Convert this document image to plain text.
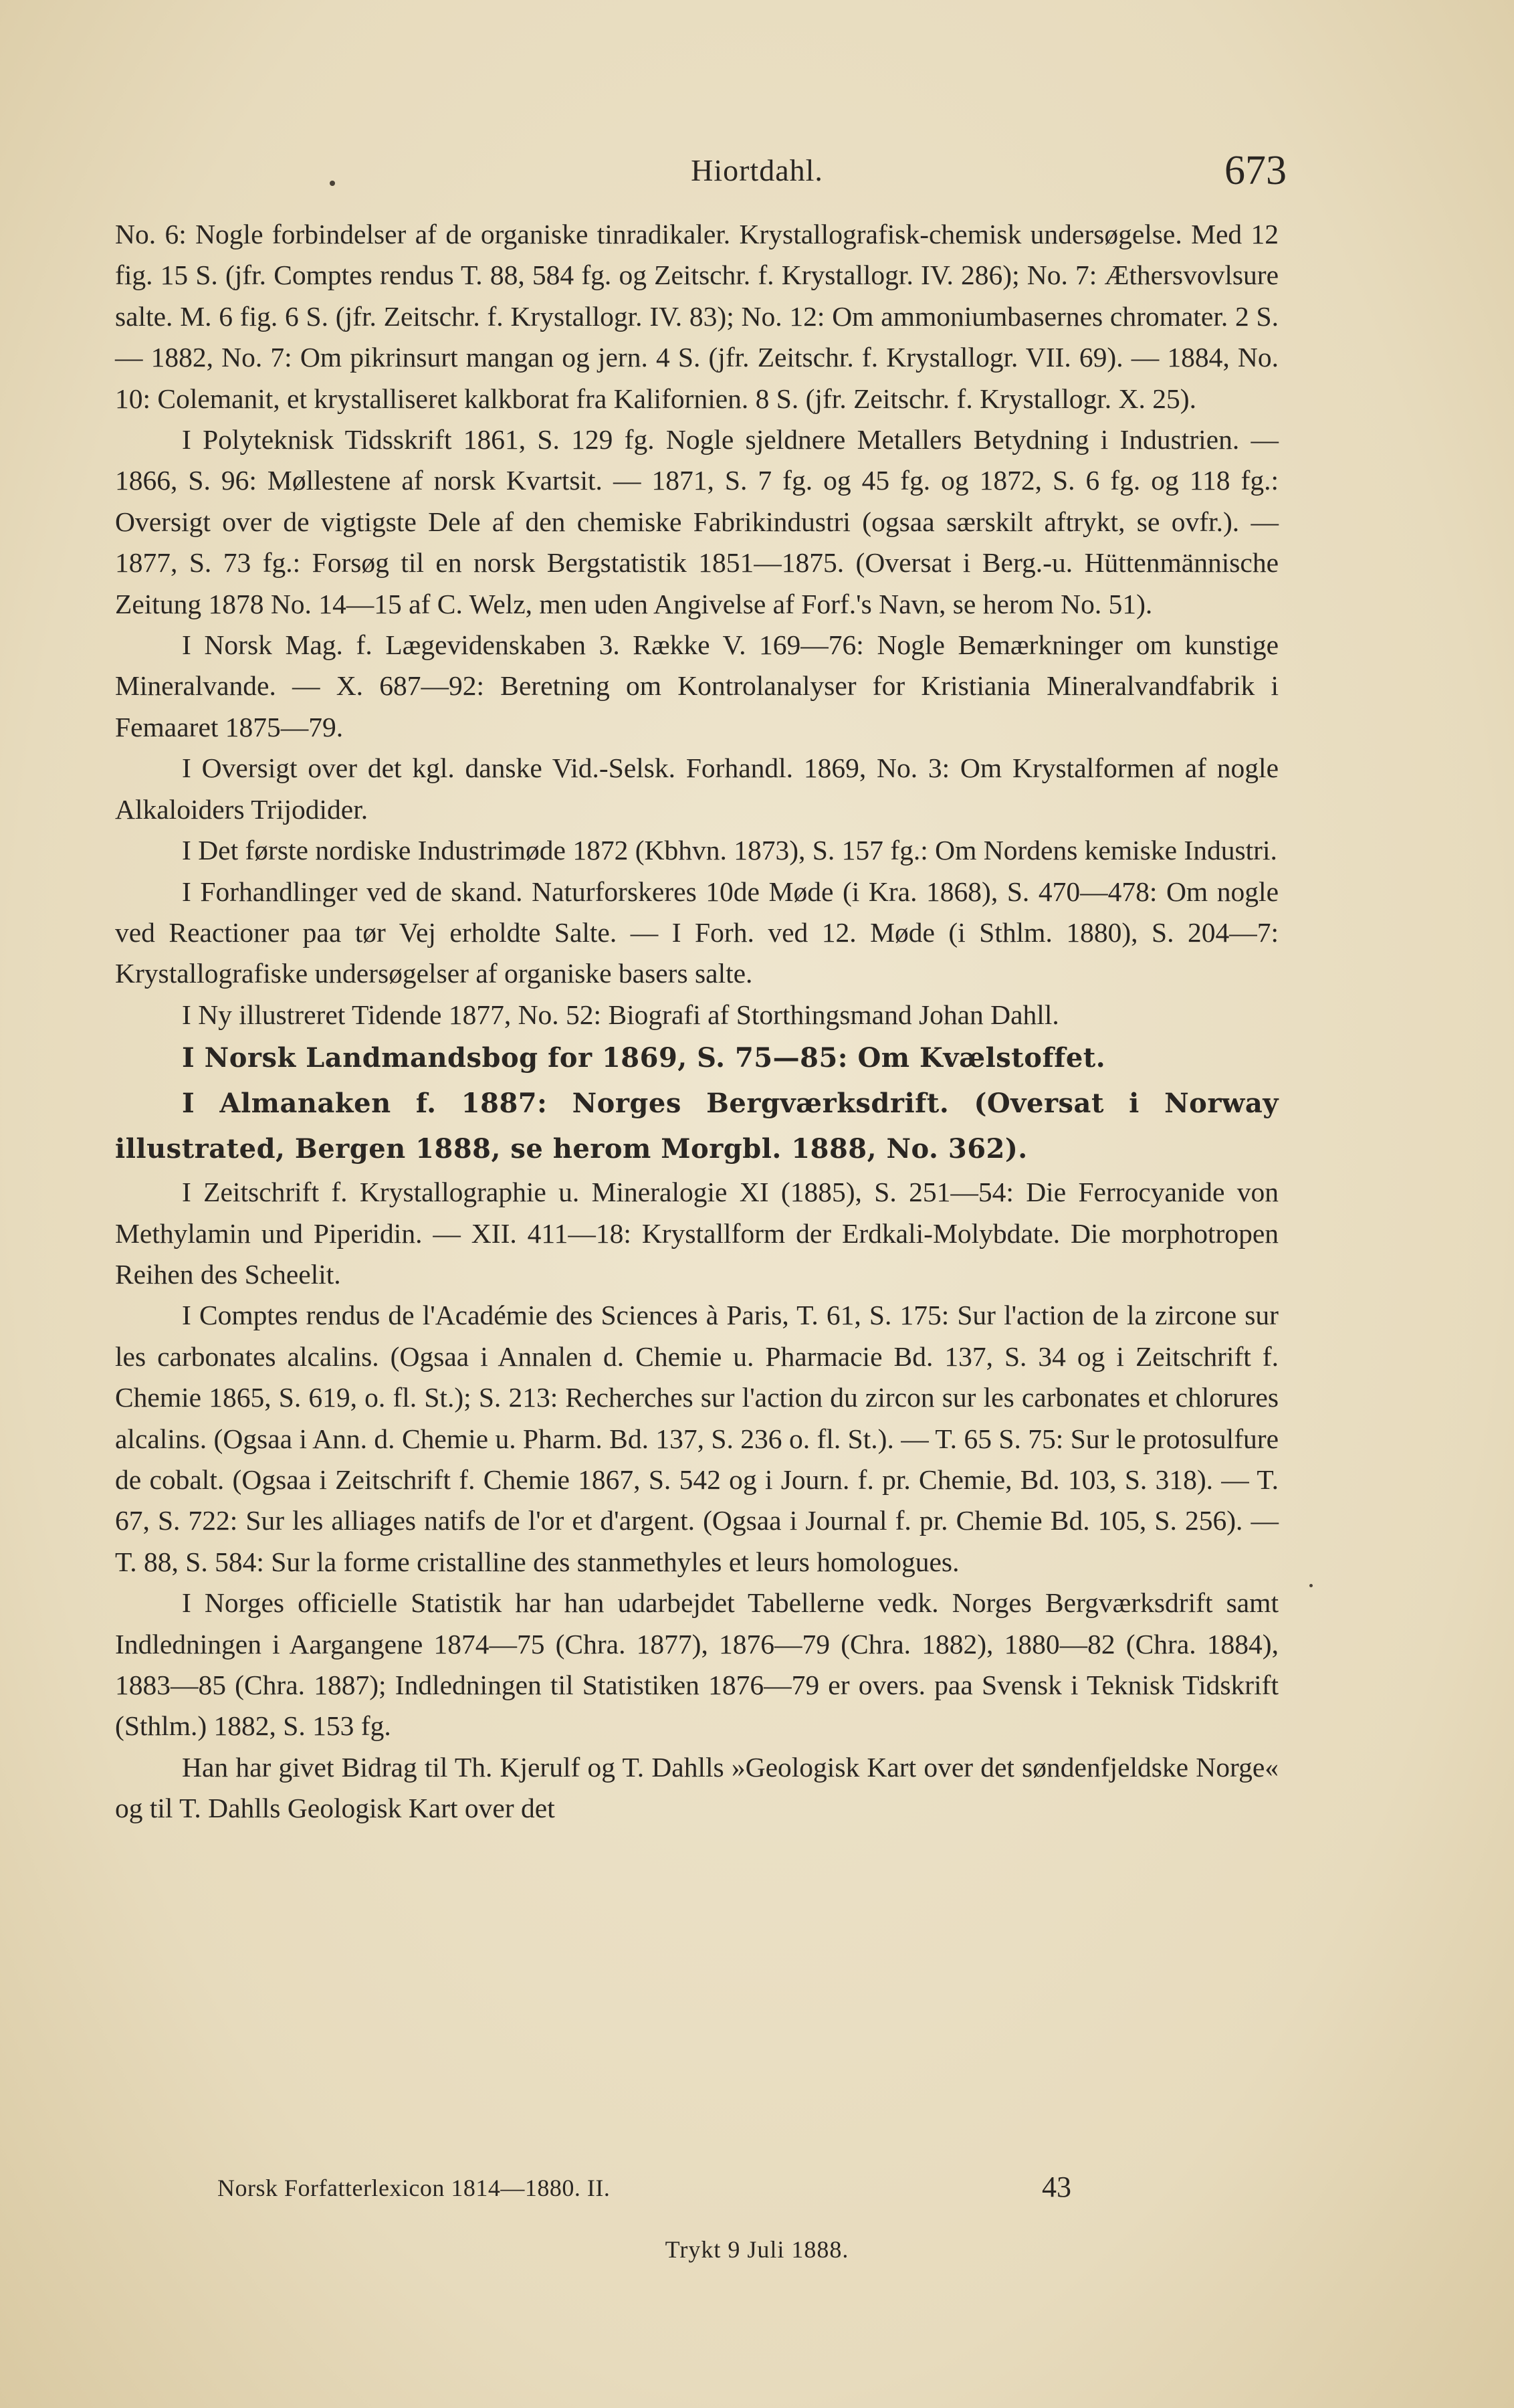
Hiortdahl.	673

No. 6: Nogle forbindelser af de organiske tinradikaler. Krystallografisk-chemisk undersøgelse. Med 12 fig. 15 S. (jfr. Comptes rendus T. 88, 584 fg. og Zeitschr. f. Krystallogr. IV. 286); No. 7: Æthersvovlsure salte. M. 6 fig. 6 S. (jfr. Zeitschr. f. Krystallogr. IV. 83); No. 12: Om ammoniumbasernes chromater. 2 S. — 1882, No. 7: Om pikrinsurt mangan og jern. 4 S. (jfr. Zeitschr. f. Krystallogr. VII. 69). — 1884, No. 10: Colemanit, et krystalliseret kalkborat fra Kalifornien. 8 S. (jfr. Zeitschr. f. Krystallogr. X. 25).

I Polyteknisk Tidsskrift 1861, S. 129 fg. Nogle sjeldnere Metallers Betydning i Industrien. — 1866, S. 96: Møllestene af norsk Kvartsit. — 1871, S. 7 fg. og 45 fg. og 1872, S. 6 fg. og 118 fg.: Oversigt over de vigtigste Dele af den chemiske Fabrikindustri (ogsaa særskilt aftrykt, se ovfr.). — 1877, S. 73 fg.: Forsøg til en norsk Bergstatistik 1851—1875. (Oversat i Berg.-u. Hüttenmännische Zeitung 1878 No. 14—15 af C. Welz, men uden Angivelse af Forf.'s Navn, se herom No. 51).

I Norsk Mag. f. Lægevidenskaben 3. Række V. 169—76: Nogle Bemærkninger om kunstige Mineralvande. — X. 687—92: Beretning om Kontrolanalyser for Kristiania Mineralvandfabrik i Femaaret 1875—79.

I Oversigt over det kgl. danske Vid.-Selsk. Forhandl. 1869, No. 3: Om Krystalformen af nogle Alkaloiders Trijodider.

I Det første nordiske Industrimøde 1872 (Kbhvn. 1873), S. 157 fg.: Om Nordens kemiske Industri.

I Forhandlinger ved de skand. Naturforskeres 10de Møde (i Kra. 1868), S. 470—478: Om nogle ved Reactioner paa tør Vej erholdte Salte. — I Forh. ved 12. Møde (i Sthlm. 1880), S. 204—7: Krystallografiske undersøgelser af organiske basers salte.

I Ny illustreret Tidende 1877, No. 52: Biografi af Storthingsmand Johan Dahll.

I Norsk Landmandsbog for 1869, S. 75—85: Om Kvælstoffet.

I Almanaken f. 1887: Norges Bergværksdrift. (Oversat i Norway illustrated, Bergen 1888, se herom Morgbl. 1888, No. 362).

I Zeitschrift f. Krystallographie u. Mineralogie XI (1885), S. 251—54: Die Ferrocyanide von Methylamin und Piperidin. — XII. 411—18: Krystallform der Erdkali-Molybdate. Die morphotropen Reihen des Scheelit.

I Comptes rendus de l'Académie des Sciences à Paris, T. 61, S. 175: Sur l'action de la zircone sur les carbonates alcalins. (Ogsaa i Annalen d. Chemie u. Pharmacie Bd. 137, S. 34 og i Zeitschrift f. Chemie 1865, S. 619, o. fl. St.); S. 213: Recherches sur l'action du zircon sur les carbonates et chlorures alcalins. (Ogsaa i Ann. d. Chemie u. Pharm. Bd. 137, S. 236 o. fl. St.). — T. 65 S. 75: Sur le protosulfure de cobalt. (Ogsaa i Zeitschrift f. Chemie 1867, S. 542 og i Journ. f. pr. Chemie, Bd. 103, S. 318). — T. 67, S. 722: Sur les alliages natifs de l'or et d'argent. (Ogsaa i Journal f. pr. Chemie Bd. 105, S. 256). — T. 88, S. 584: Sur la forme cristalline des stanmethyles et leurs homologues.

I Norges officielle Statistik har han udarbejdet Tabellerne vedk. Norges Bergværksdrift samt Indledningen i Aargangene 1874—75 (Chra. 1877), 1876—79 (Chra. 1882), 1880—82 (Chra. 1884), 1883—85 (Chra. 1887); Indledningen til Statistiken 1876—79 er overs. paa Svensk i Teknisk Tidskrift (Sthlm.) 1882, S. 153 fg.

Han har givet Bidrag til Th. Kjerulf og T. Dahlls »Geologisk Kart over det søndenfjeldske Norge« og til T. Dahlls Geologisk Kart over det

Norsk Forfatterlexicon 1814—1880. II.	43
Trykt 9 Juli 1888.
